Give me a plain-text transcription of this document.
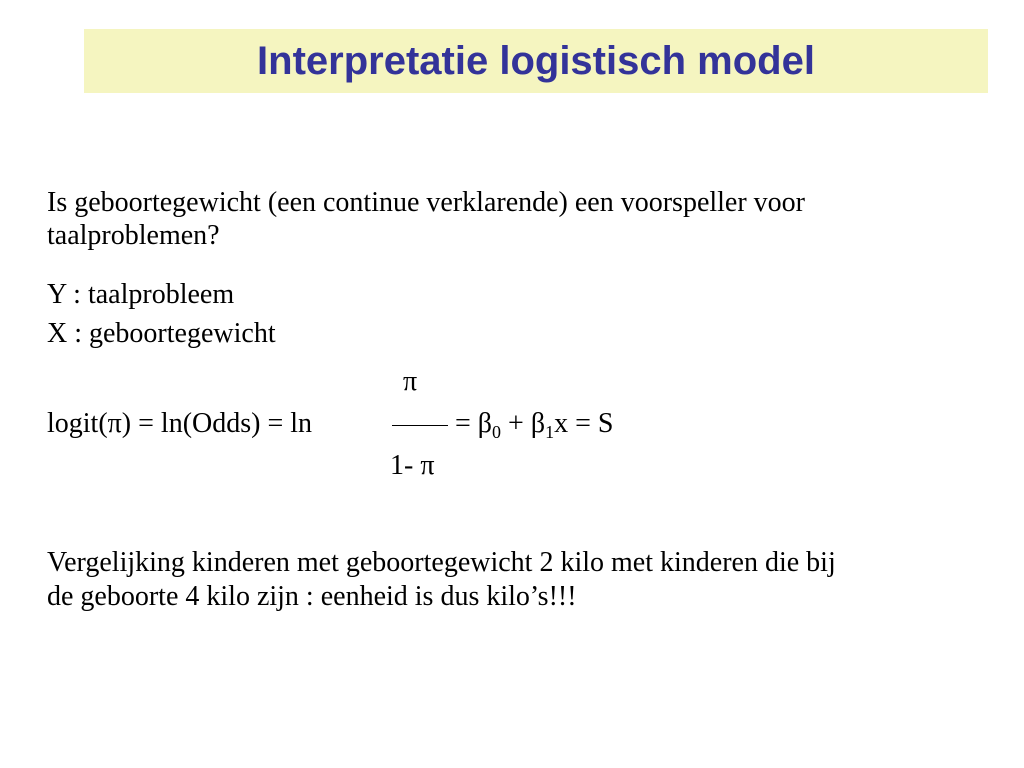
Interpretatie logistisch model

Is geboortegewicht (een continue verklarende) een voorspeller voor

taalproblemen?

Y : taalprobleem

X : geboortegewicht

π
logit(π) = ln(Odds) = ln	= $\beta_0 + \beta_1x = S$
1- π

Vergelijking kinderen met geboortegewicht 2 kilo met kinderen die bij

de geboorte 4 kilo zijn : eenheid is dus kilo’s!!!
